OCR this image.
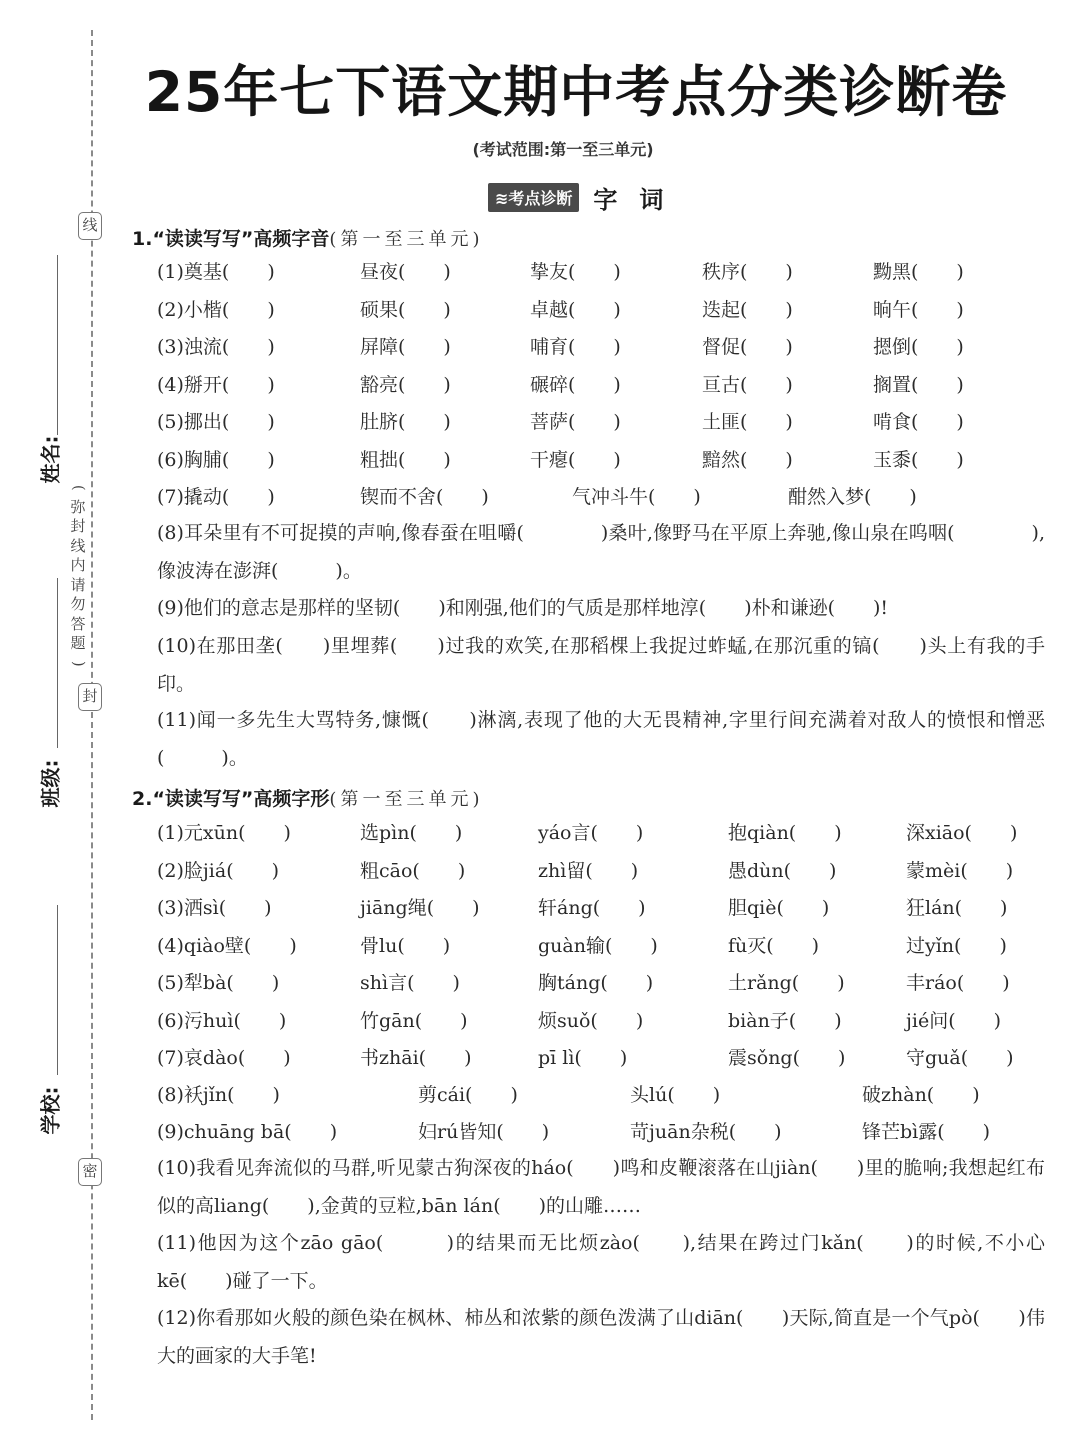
线
封
密
(
弥
封
线
内
请
勿
答
题
)
姓名:
班级:
学校:
25年七下语文期中考点分类诊断卷
(考试范围:第一至三单元)
≋考点诊断 字词
1.“读读写写”高频字音(第一至三单元)
(1)奠基(　　)	昼夜(　　)	挚友(　　)	秩序(　　)	黝黑(　　)
(2)小楷(　　)	硕果(　　)	卓越(　　)	迭起(　　)	晌午(　　)
(3)浊流(　　)	屏障(　　)	哺育(　　)	督促(　　)	摁倒(　　)
(4)掰开(　　)	豁亮(　　)	碾碎(　　)	亘古(　　)	搁置(　　)
(5)挪出(　　)	肚脐(　　)	菩萨(　　)	土匪(　　)	啃食(　　)
(6)胸脯(　　)	粗拙(　　)	干瘪(　　)	黯然(　　)	玉黍(　　)
(7)撬动(　　)	锲而不舍(　　)	气冲斗牛(　　)	酣然入梦(　　)
(8)耳朵里有不可捉摸的声响,像春蚕在咀嚼(　　　　)桑叶,像野马在平原上奔驰,像山泉在呜咽(　　　　),像波涛在澎湃(　　　)。
(9)他们的意志是那样的坚韧(　　)和刚强,他们的气质是那样地淳(　　)朴和谦逊(　　)!
(10)在那田垄(　　)里埋葬(　　)过我的欢笑,在那稻棵上我捉过蚱蜢,在那沉重的镐(　　)头上有我的手印。
(11)闻一多先生大骂特务,慷慨(　　)淋漓,表现了他的大无畏精神,字里行间充满着对敌人的愤恨和憎恶(　　　)。
2.“读读写写”高频字形(第一至三单元)
(1)元xūn(　　)	选pìn(　　)	yáo言(　　)	抱qiàn(　　)	深xiāo(　　)
(2)脸jiá(　　)	粗cāo(　　)	zhì留(　　)	愚dùn(　　)	蒙mèi(　　)
(3)洒sì(　　)	jiāng绳(　　)	轩áng(　　)	胆qiè(　　)	狂lán(　　)
(4)qiào壁(　　)	骨lu(　　)	guàn输(　　)	fù灭(　　)	过yǐn(　　)
(5)犁bà(　　)	shì言(　　)	胸táng(　　)	土rǎng(　　)	丰ráo(　　)
(6)污huì(　　)	竹gān(　　)	烦suǒ(　　)	biàn子(　　)	jié问(　　)
(7)哀dào(　　)	书zhāi(　　)	pī lì(　　)	震sǒng(　　)	守guǎ(　　)
(8)袄jǐn(　　)	剪cái(　　)	头lú(　　)	破zhàn(　　)
(9)chuāng bā(　　)	妇rú皆知(　　)	苛juān杂税(　　)	锋芒bì露(　　)
(10)我看见奔流似的马群,听见蒙古狗深夜的háo(　　)鸣和皮鞭滚落在山jiàn(　　)里的脆响;我想起红布似的高liang(　　),金黄的豆粒,bān lán(　　)的山雕……
(11)他因为这个zāo gāo(　　　)的结果而无比烦zào(　　),结果在跨过门kǎn(　　)的时候,不小心kē(　　)碰了一下。
(12)你看那如火般的颜色染在枫林、柿丛和浓紫的颜色泼满了山diān(　　)天际,简直是一个气pò(　　)伟大的画家的大手笔!
